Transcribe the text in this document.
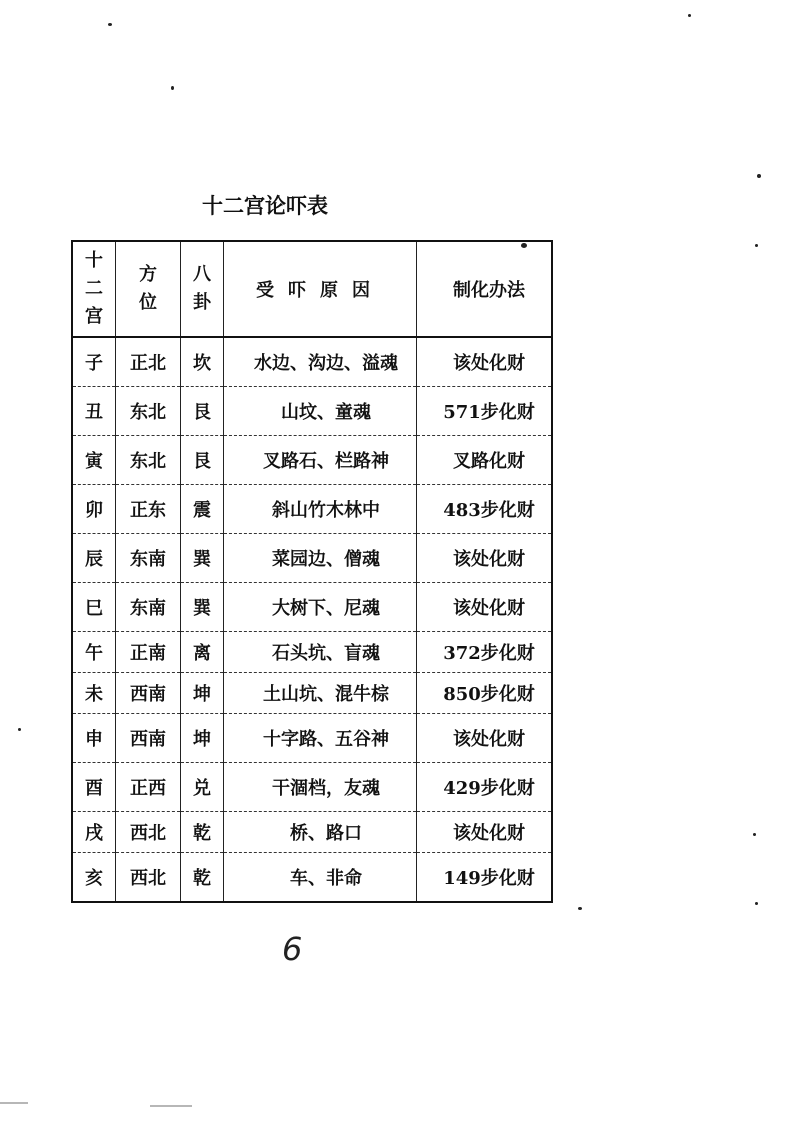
十二宫论吓表
十二宫	方位	八卦	受吓原因	制化办法
子	正北	坎	水边、沟边、溢魂	该处化财
丑	东北	艮	山坟、童魂	571步化财
寅	东北	艮	叉路石、栏路神	叉路化财
卯	正东	震	斜山竹木林中	483步化财
辰	东南	巽	菜园边、僧魂	该处化财
巳	东南	巽	大树下、尼魂	该处化财
午	正南	离	石头坑、盲魂	372步化财
未	西南	坤	土山坑、混牛棕	850步化财
申	西南	坤	十字路、五谷神	该处化财
酉	正西	兑	干涸档，友魂	429步化财
戌	西北	乾	桥、路口	该处化财
亥	西北	乾	车、非命	149步化财
6
